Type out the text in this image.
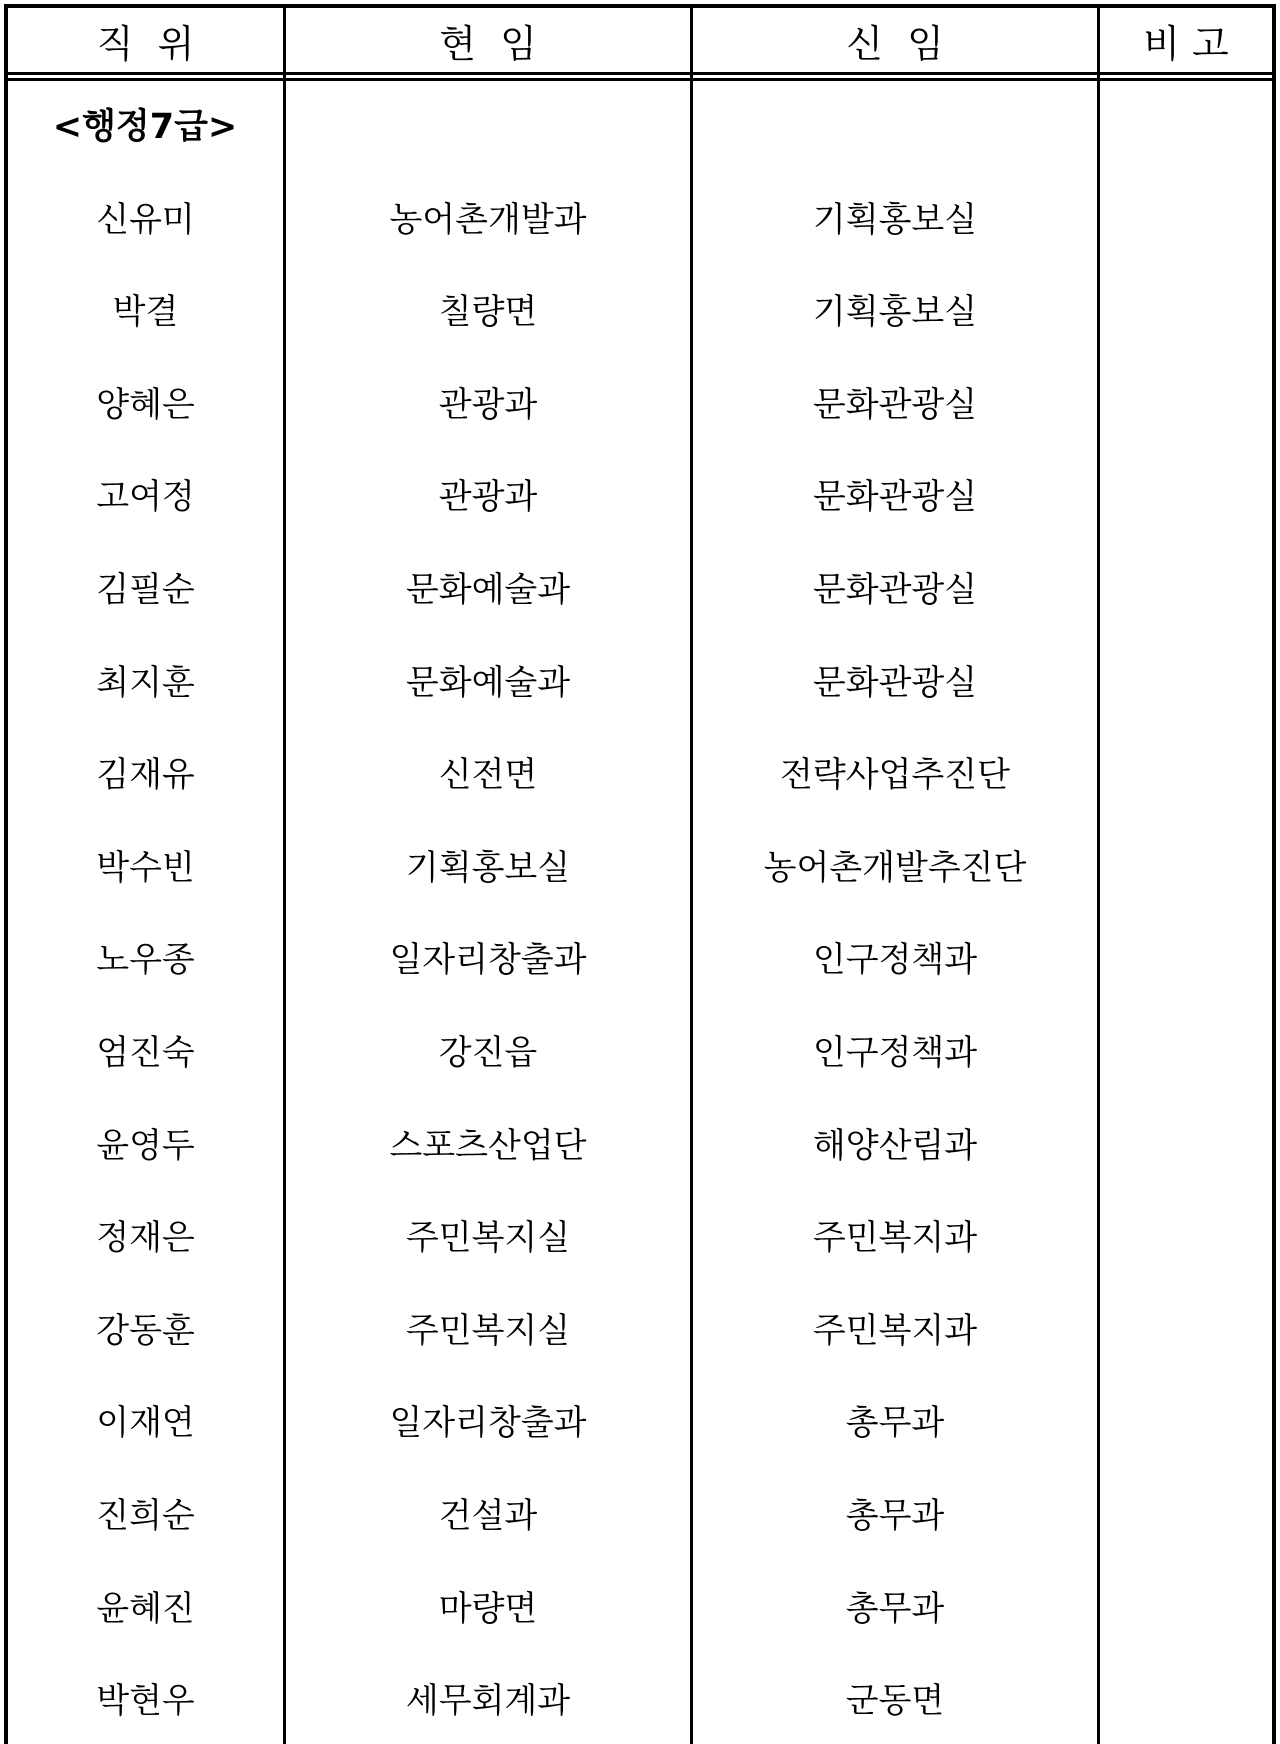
직  위	현  임	신  임	비 고
<행정7급>
신유미	농어촌개발과	기획홍보실
박결	칠량면	기획홍보실
양혜은	관광과	문화관광실
고여정	관광과	문화관광실
김필순	문화예술과	문화관광실
최지훈	문화예술과	문화관광실
김재유	신전면	전략사업추진단
박수빈	기획홍보실	농어촌개발추진단
노우종	일자리창출과	인구정책과
엄진숙	강진읍	인구정책과
윤영두	스포츠산업단	해양산림과
정재은	주민복지실	주민복지과
강동훈	주민복지실	주민복지과
이재연	일자리창출과	총무과
진희순	건설과	총무과
윤혜진	마량면	총무과
박현우	세무회계과	군동면
